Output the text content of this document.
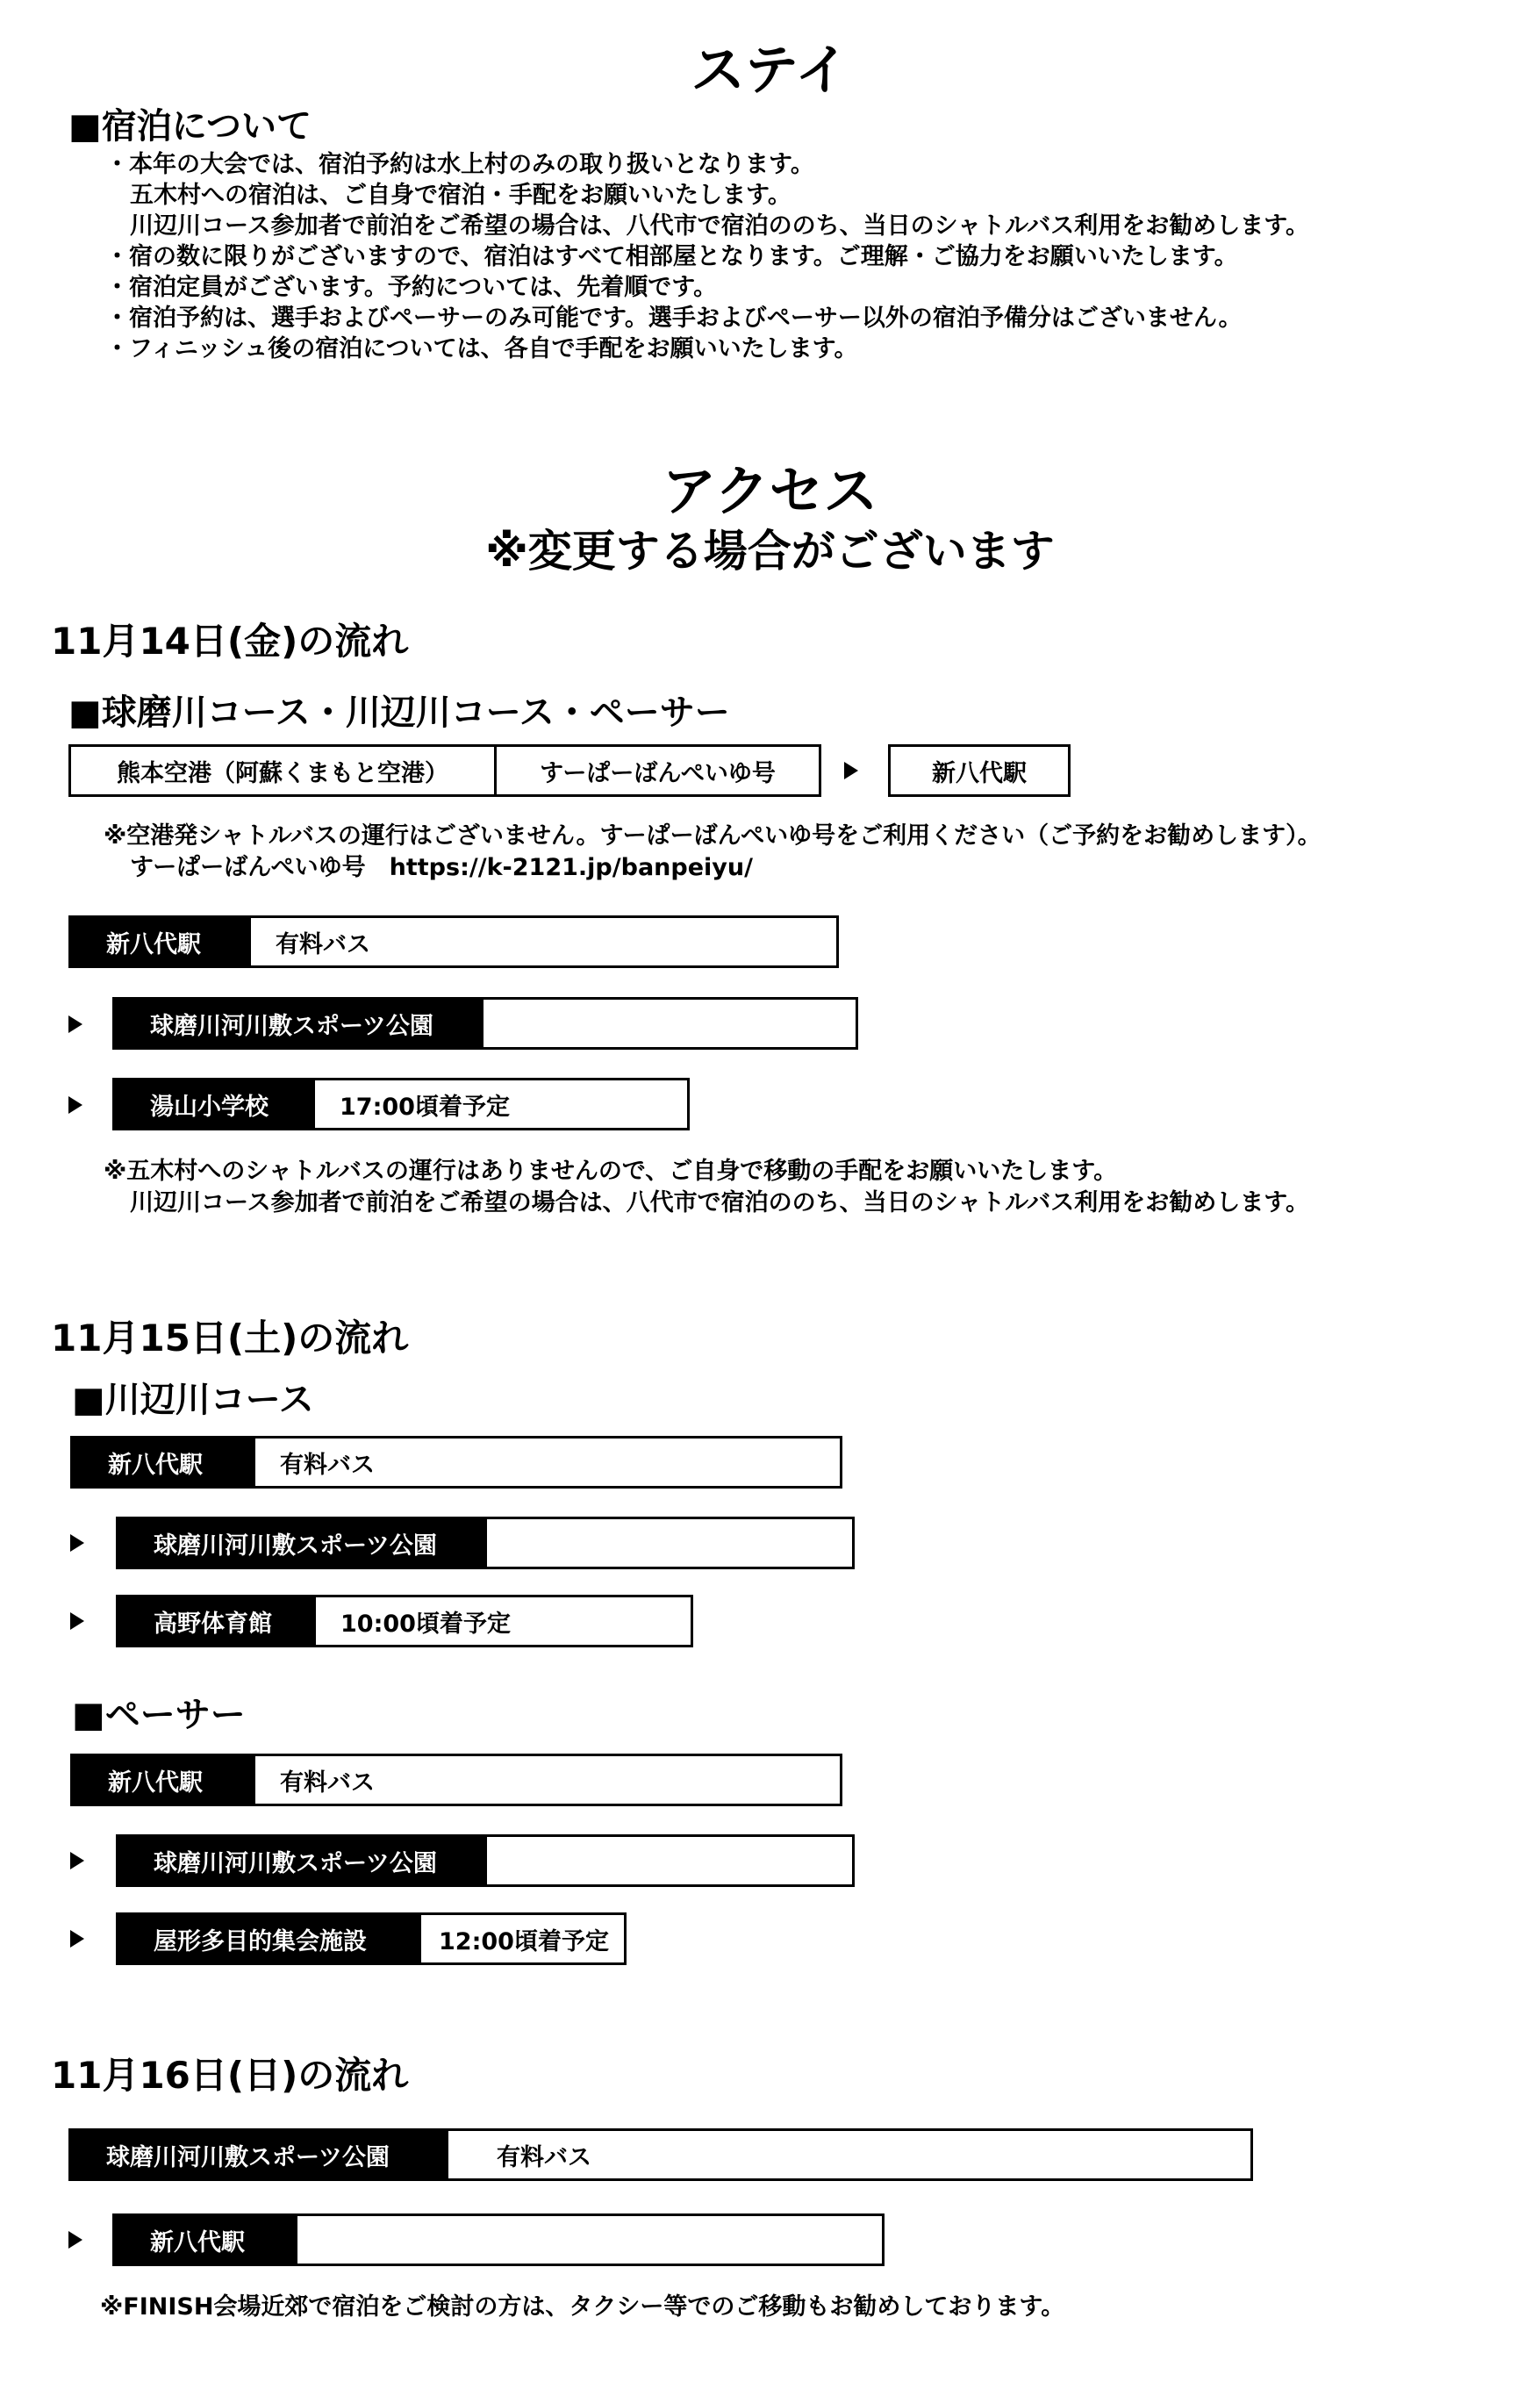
ステイ
■宿泊について
・本年の大会では、宿泊予約は水上村のみの取り扱いとなります。
五木村への宿泊は、ご自身で宿泊・手配をお願いいたします。
川辺川コース参加者で前泊をご希望の場合は、八代市で宿泊ののち、当日のシャトルバス利用をお勧めします。
・宿の数に限りがございますので、宿泊はすべて相部屋となります。ご理解・ご協力をお願いいたします。
・宿泊定員がございます。予約については、先着順です。
・宿泊予約は、選手およびペーサーのみ可能です。選手およびペーサー以外の宿泊予備分はございません。
・フィニッシュ後の宿泊については、各自で手配をお願いいたします。
アクセス
※変更する場合がございます
11月14日(金)の流れ
■球磨川コース・川辺川コース・ペーサー
熊本空港（阿蘇くまもと空港）	すーぱーばんぺいゆ号	新八代駅
※空港発シャトルバスの運行はございません。すーぱーばんぺいゆ号をご利用ください（ご予約をお勧めします）。
すーぱーばんぺいゆ号　https://k-2121.jp/banpeiyu/
新八代駅	有料バス
球磨川河川敷スポーツ公園
湯山小学校	17:00頃着予定
※五木村へのシャトルバスの運行はありませんので、ご自身で移動の手配をお願いいたします。
川辺川コース参加者で前泊をご希望の場合は、八代市で宿泊ののち、当日のシャトルバス利用をお勧めします。
11月15日(土)の流れ
■川辺川コース
新八代駅	有料バス
球磨川河川敷スポーツ公園
高野体育館	10:00頃着予定
■ペーサー
新八代駅	有料バス
球磨川河川敷スポーツ公園
屋形多目的集会施設	12:00頃着予定
11月16日(日)の流れ
球磨川河川敷スポーツ公園	有料バス
新八代駅
※FINISH会場近郊で宿泊をご検討の方は、タクシー等でのご移動もお勧めしております。
